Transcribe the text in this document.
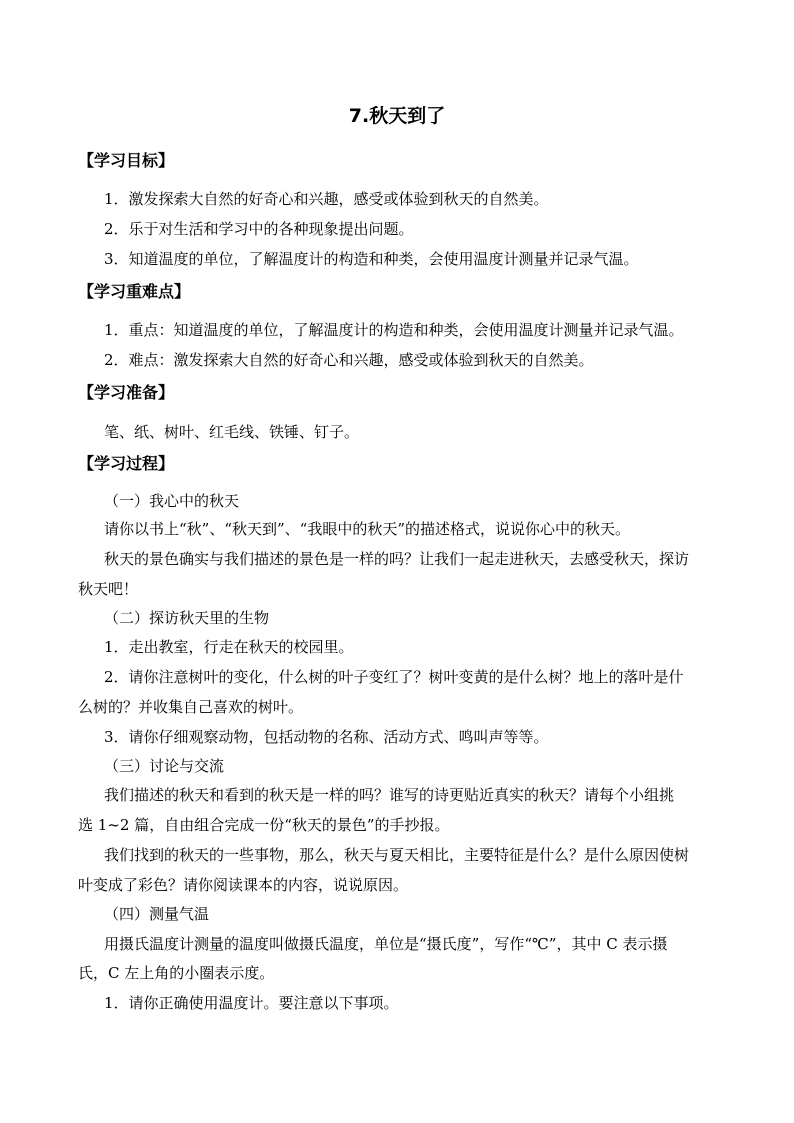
7.秋天到了
【学习目标】
1．激发探索大自然的好奇心和兴趣，感受或体验到秋天的自然美。
2．乐于对生活和学习中的各种现象提出问题。
3．知道温度的单位，了解温度计的构造和种类，会使用温度计测量并记录气温。
【学习重难点】
1．重点：知道温度的单位，了解温度计的构造和种类，会使用温度计测量并记录气温。
2．难点：激发探索大自然的好奇心和兴趣，感受或体验到秋天的自然美。
【学习准备】
笔、纸、树叶、红毛线、铁锤、钉子。
【学习过程】
（一）我心中的秋天
请你以书上“秋”、“秋天到”、“我眼中的秋天”的描述格式，说说你心中的秋天。
秋天的景色确实与我们描述的景色是一样的吗？让我们一起走进秋天，去感受秋天，探访
秋天吧！
（二）探访秋天里的生物
1．走出教室，行走在秋天的校园里。
2．请你注意树叶的变化，什么树的叶子变红了？树叶变黄的是什么树？地上的落叶是什
么树的？并收集自己喜欢的树叶。
3．请你仔细观察动物，包括动物的名称、活动方式、鸣叫声等等。
（三）讨论与交流
我们描述的秋天和看到的秋天是一样的吗？谁写的诗更贴近真实的秋天？请每个小组挑
选 1~2 篇，自由组合完成一份“秋天的景色”的手抄报。
我们找到的秋天的一些事物，那么，秋天与夏天相比，主要特征是什么？是什么原因使树
叶变成了彩色？请你阅读课本的内容，说说原因。
（四）测量气温
用摄氏温度计测量的温度叫做摄氏温度，单位是“摄氏度”，写作“℃”，其中 C 表示摄
氏，C 左上角的小圈表示度。
1．请你正确使用温度计。要注意以下事项。
